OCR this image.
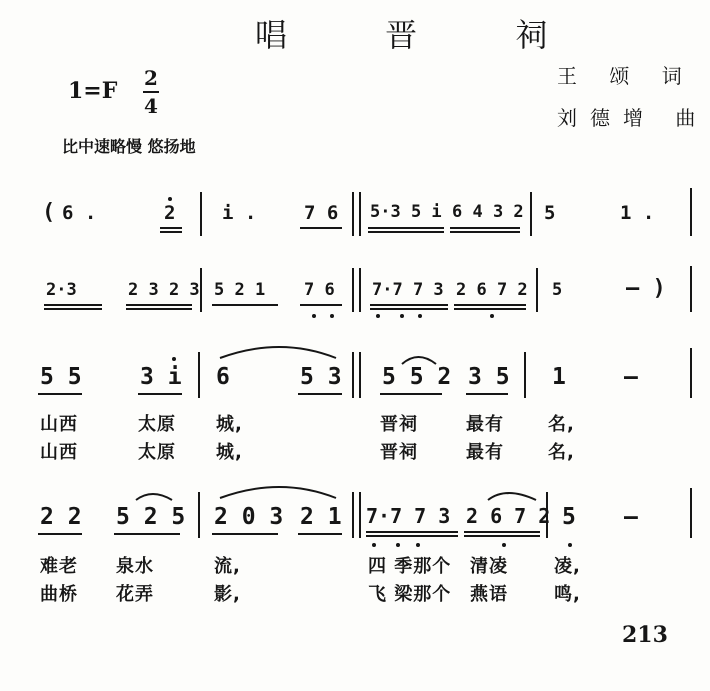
唱 晋 祠
王 颂 词
刘德增 曲
1=F 2
4
比中速略慢 悠扬地
( 6 .	2 i .	7 6 5·3 5 i 6 4 3 2 5	1 .
2·3	2 3 2 3 5 2 1 7 6 7·7 7 3 2 6 7 2 5	— )
5 5	3 i 6	5 3 5 5 2 3 5 1	—
山西	太原 城,	晋祠	最有 名,
山西	太原 城,	晋祠	最有 名,
2 2 5 2 5 2 0 3 2 1 7·7 7 3 2 6 7 2 5 —
难老 泉水	流,	四 季那个 清凌	凌,
曲桥 花弄	影,	飞 梁那个 燕语	鸣,
213
